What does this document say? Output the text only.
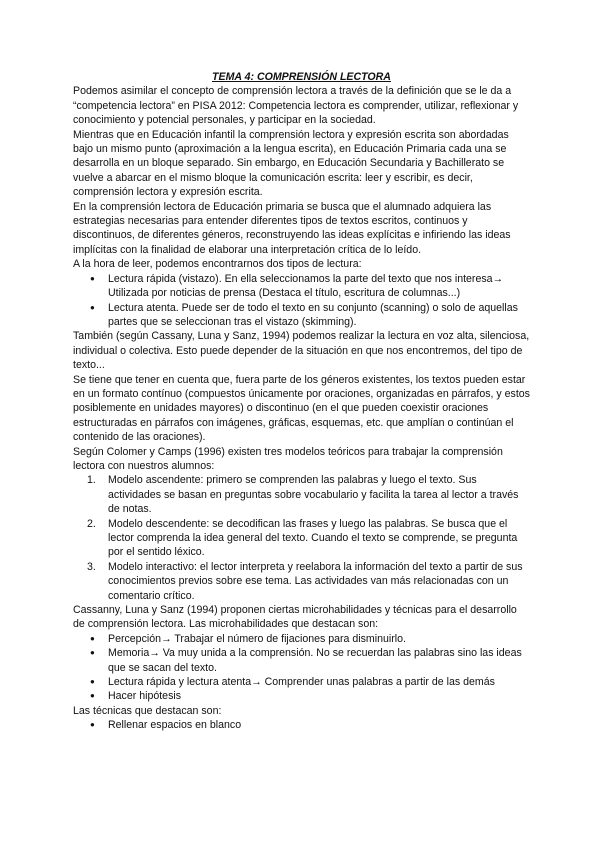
TEMA 4: COMPRENSIÓN LECTORA

Podemos asimilar el concepto de comprensión lectora a través de la definición que se le da a “competencia lectora” en PISA 2012: Competencia lectora es comprender, utilizar, reflexionar y conocimiento y potencial personales, y participar en la sociedad.

Mientras que en Educación infantil la comprensión lectora y expresión escrita son abordadas bajo un mismo punto (aproximación a la lengua escrita), en Educación Primaria cada una se desarrolla en un bloque separado. Sin embargo, en Educación Secundaria y Bachillerato se vuelve a abarcar en el mismo bloque la comunicación escrita: leer y escribir, es decir, comprensión lectora y expresión escrita.

En la comprensión lectora de Educación primaria se busca que el alumnado adquiera las estrategias necesarias para entender diferentes tipos de textos escritos, continuos y discontinuos, de diferentes géneros, reconstruyendo las ideas explícitas e infiriendo las ideas implícitas con la finalidad de elaborar una interpretación crítica de lo leído.

A la hora de leer, podemos encontrarnos dos tipos de lectura:

● Lectura rápida (vistazo). En ella seleccionamos la parte del texto que nos interesa→ Utilizada por noticias de prensa (Destaca el título, escritura de columnas...)
● Lectura atenta. Puede ser de todo el texto en su conjunto (scanning) o solo de aquellas partes que se seleccionan tras el vistazo (skimming).

También (según Cassany, Luna y Sanz, 1994) podemos realizar la lectura en voz alta, silenciosa, individual o colectiva. Esto puede depender de la situación en que nos encontremos, del tipo de texto...

Se tiene que tener en cuenta que, fuera parte de los géneros existentes, los textos pueden estar en un formato contínuo (compuestos únicamente por oraciones, organizadas en párrafos, y estos posiblemente en unidades mayores) o discontinuo (en el que pueden coexistir oraciones estructuradas en párrafos con imágenes, gráficas, esquemas, etc. que amplían o continúan el contenido de las oraciones).

Según Colomer y Camps (1996) existen tres modelos teóricos para trabajar la comprensión lectora con nuestros alumnos:

1. Modelo ascendente: primero se comprenden las palabras y luego el texto. Sus actividades se basan en preguntas sobre vocabulario y facilita la tarea al lector a través de notas.
2. Modelo descendente: se decodifican las frases y luego las palabras. Se busca que el lector comprenda la idea general del texto. Cuando el texto se comprende, se pregunta por el sentido léxico.
3. Modelo interactivo: el lector interpreta y reelabora la información del texto a partir de sus conocimientos previos sobre ese tema. Las actividades van más relacionadas con un comentario crítico.

Cassanny, Luna y Sanz (1994) proponen ciertas microhabilidades y técnicas para el desarrollo de comprensión lectora. Las microhabilidades que destacan son:

● Percepción→ Trabajar el número de fijaciones para disminuirlo.
● Memoria→ Va muy unida a la comprensión. No se recuerdan las palabras sino las ideas que se sacan del texto.
● Lectura rápida y lectura atenta→ Comprender unas palabras a partir de las demás
● Hacer hipótesis

Las técnicas que destacan son:

● Rellenar espacios en blanco
